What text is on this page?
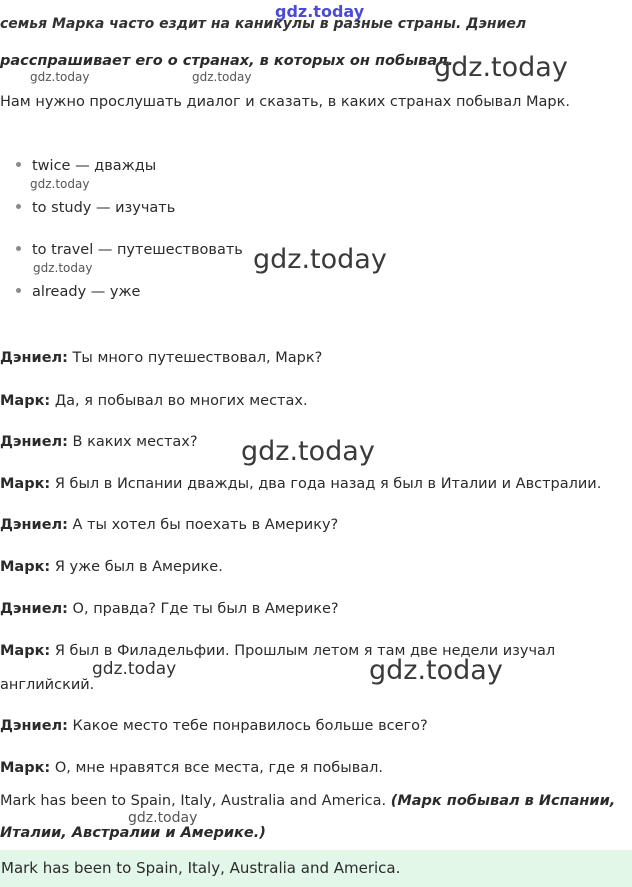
gdz.today
семья Марка часто ездит на каникулы в разные страны. Дэниел
расспрашивает его о странах, в которых он побывал.
gdz.today
gdz.today	gdz.today
Нам нужно прослушать диалог и сказать, в каких странах побывал Марк.
twice — дважды
to study — изучать
to travel — путешествовать
already — уже
gdz.today
gdz.today
gdz.today
Дэниел: Ты много путешествовал, Марк?
Марк: Да, я побывал во многих местах.
Дэниел: В каких местах? gdz.today
Марк: Я был в Испании дважды, два года назад я был в Италии и Австралии.
Дэниел: А ты хотел бы поехать в Америку?
Марк: Я уже был в Америке.
Дэниел: О, правда? Где ты был в Америке?
Марк: Я был в Филадельфии. Прошлым летом я там две недели изучал
английский.
gdz.today	gdz.today
Дэниел: Какое место тебе понравилось больше всего?
Марк: О, мне нравятся все места, где я побывал.
Mark has been to Spain, Italy, Australia and America. (Марк побывал в Испании,
Италии, Австралии и Америке.)
gdz.today
Mark has been to Spain, Italy, Australia and America.
